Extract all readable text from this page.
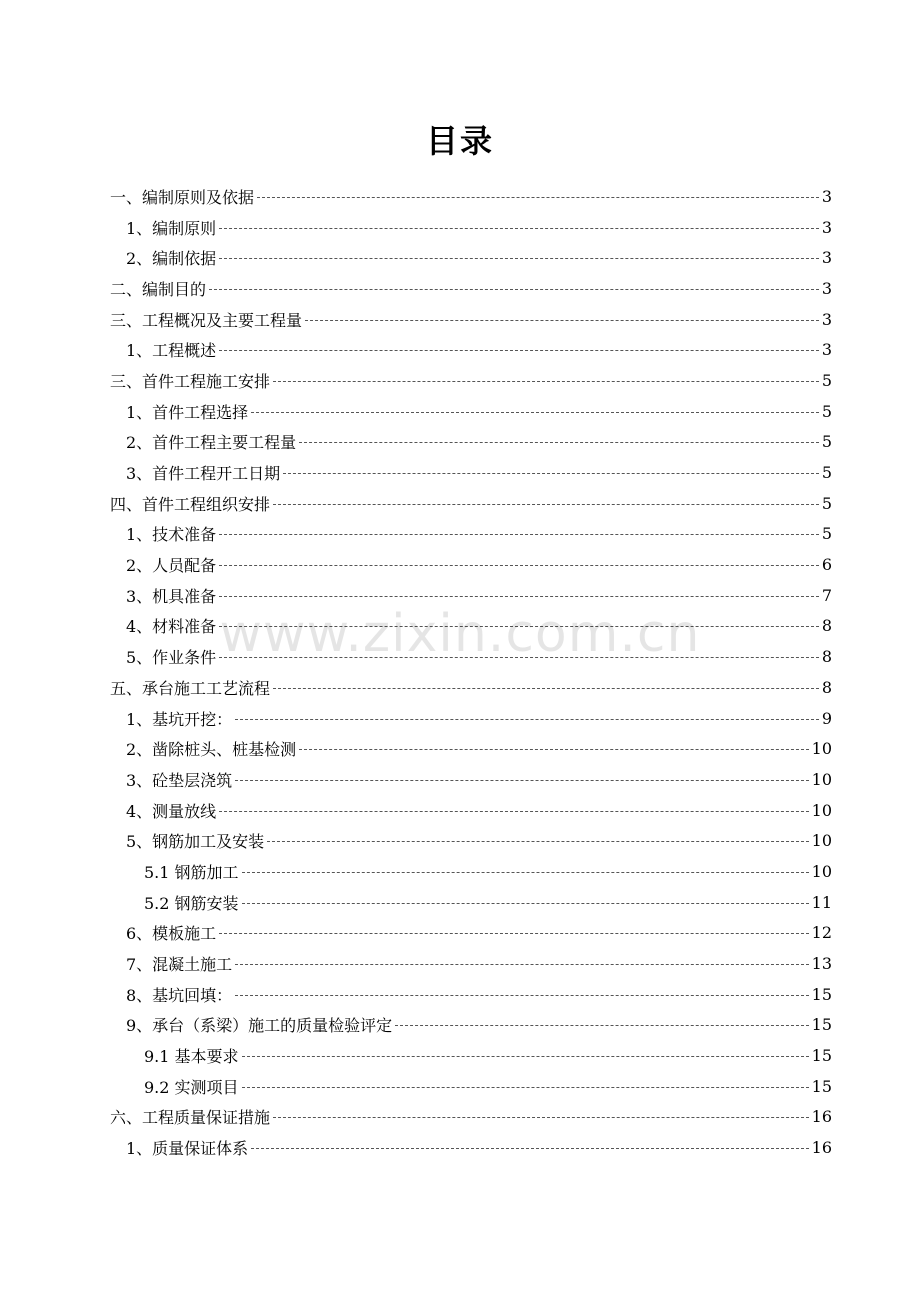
目录
一、编制原则及依据	3
1、编制原则	3
2、编制依据	3
二、编制目的	3
三、工程概况及主要工程量	3
1、工程概述	3
三、首件工程施工安排	5
1、首件工程选择	5
2、首件工程主要工程量	5
3、首件工程开工日期	5
四、首件工程组织安排	5
1、技术准备	5
2、人员配备	6
3、机具准备	7
4、材料准备	8
5、作业条件	8
五、承台施工工艺流程	8
1、基坑开挖：	9
2、凿除桩头、桩基检测	10
3、砼垫层浇筑	10
4、测量放线	10
5、钢筋加工及安装	10
5.1 钢筋加工	10
5.2 钢筋安装	11
6、模板施工	12
7、混凝土施工	13
8、基坑回填：	15
9、承台（系梁）施工的质量检验评定	15
9.1 基本要求	15
9.2 实测项目	15
六、工程质量保证措施	16
1、质量保证体系	16
www.zixin.com.cn
